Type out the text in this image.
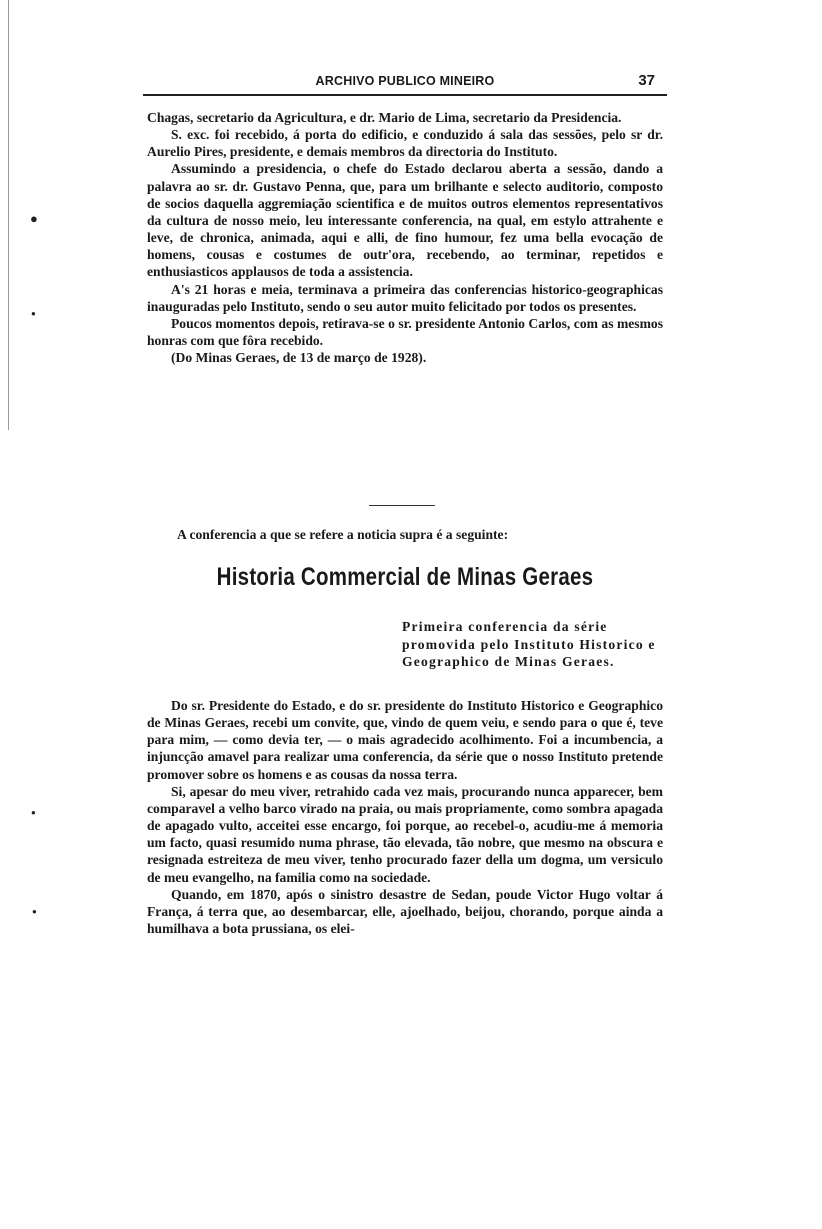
●
●
●
●
ARCHIVO PUBLICO MINEIRO	37

Chagas, secretario da Agricultura, e dr. Mario de Lima, secretario da Presidencia.

S. exc. foi recebido, á porta do edificio, e conduzido á sala das sessões, pelo sr dr. Aurelio Pires, presidente, e demais membros da directoria do Instituto.

Assumindo a presidencia, o chefe do Estado declarou aberta a sessão, dando a palavra ao sr. dr. Gustavo Penna, que, para um brilhante e selecto auditorio, composto de socios daquella aggremiação scientifica e de muitos outros elementos representativos da cultura de nosso meio, leu interessante conferencia, na qual, em estylo attrahente e leve, de chronica, animada, aqui e alli, de fino humour, fez uma bella evocação de homens, cousas e costumes de outr'ora, recebendo, ao terminar, repetidos e enthusiasticos applausos de toda a assistencia.

A's 21 horas e meia, terminava a primeira das conferencias historico-geographicas inauguradas pelo Instituto, sendo o seu autor muito felicitado por todos os presentes.

Poucos momentos depois, retirava-se o sr. presidente Antonio Carlos, com as mesmos honras com que fôra recebido.

(Do Minas Geraes, de 13 de março de 1928).

A conferencia a que se refere a noticia supra é a seguinte:
Historia Commercial de Minas Geraes
Primeira conferencia da série promovida pelo Instituto Historico e Geographico de Minas Geraes.

Do sr. Presidente do Estado, e do sr. presidente do Instituto Historico e Geographico de Minas Geraes, recebi um convite, que, vindo de quem veiu, e sendo para o que é, teve para mim, — como devia ter, — o mais agradecido acolhimento. Foi a incumbencia, a injuncção amavel para realizar uma conferencia, da série que o nosso Instituto pretende promover sobre os homens e as cousas da nossa terra.

Si, apesar do meu viver, retrahido cada vez mais, procurando nunca apparecer, bem comparavel a velho barco virado na praia, ou mais propriamente, como sombra apagada de apagado vulto, acceitei esse encargo, foi porque, ao recebel-o, acudiu-me á memoria um facto, quasi resumido numa phrase, tão elevada, tão nobre, que mesmo na obscura e resignada estreiteza de meu viver, tenho procurado fazer della um dogma, um versiculo de meu evangelho, na familia como na sociedade.

Quando, em 1870, após o sinistro desastre de Sedan, poude Victor Hugo voltar á França, á terra que, ao desembarcar, elle, ajoelhado, beijou, chorando, porque ainda a humilhava a bota prussiana, os elei-
